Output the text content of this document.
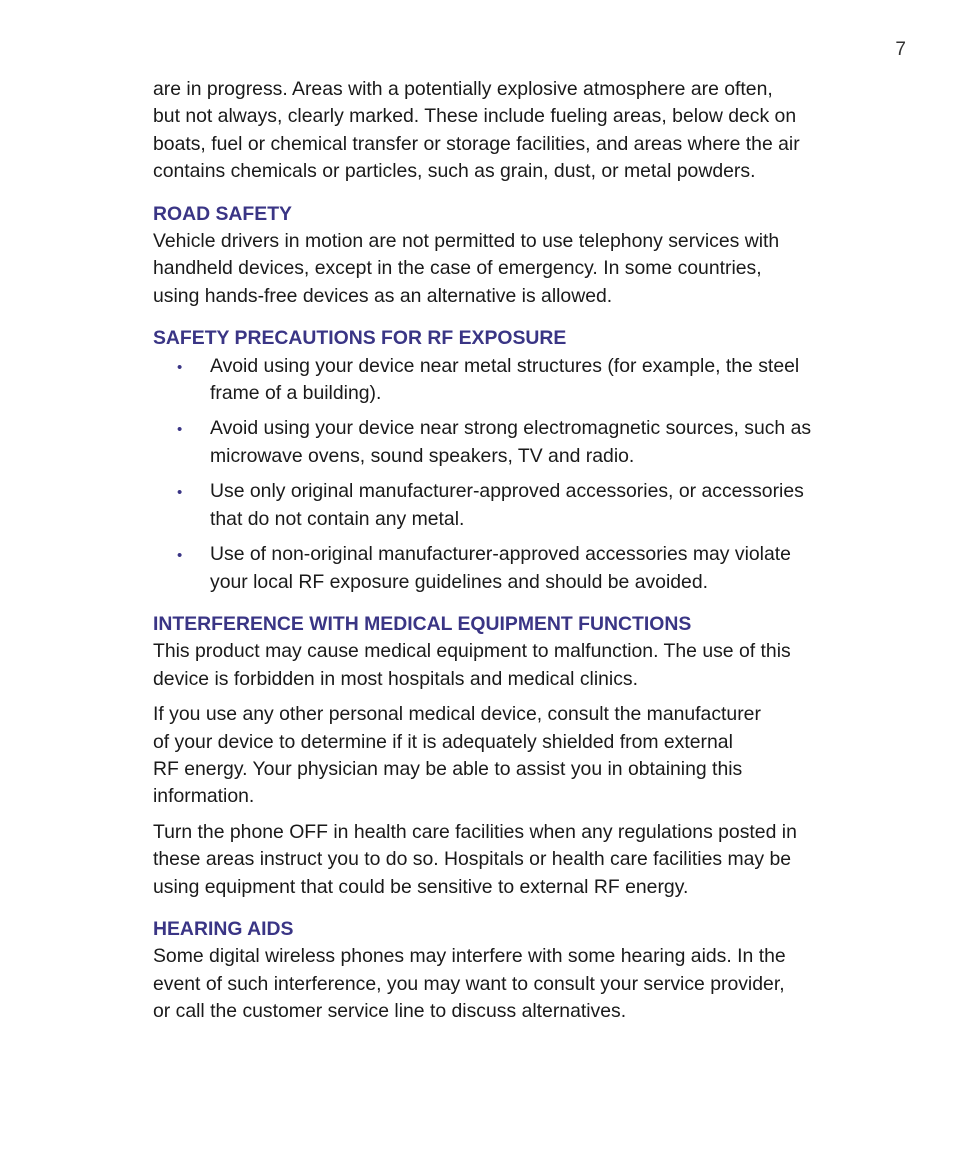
7

are in progress. Areas with a potentially explosive atmosphere are often,
but not always, clearly marked. These include fueling areas, below deck on
boats, fuel or chemical transfer or storage facilities, and areas where the air
contains chemicals or particles, such as grain, dust, or metal powders.

ROAD SAFETY

Vehicle drivers in motion are not permitted to use telephony services with
handheld devices, except in the case of emergency. In some countries,
using hands-free devices as an alternative is allowed.

SAFETY PRECAUTIONS FOR RF EXPOSURE
• Avoid using your device near metal structures (for example, the steel
frame of a building).
• Avoid using your device near strong electromagnetic sources, such as
microwave ovens, sound speakers, TV and radio.
• Use only original manufacturer-approved accessories, or accessories
that do not contain any metal.
• Use of non-original manufacturer-approved accessories may violate
your local RF exposure guidelines and should be avoided.
INTERFERENCE WITH MEDICAL EQUIPMENT FUNCTIONS

This product may cause medical equipment to malfunction. The use of this
device is forbidden in most hospitals and medical clinics.

If you use any other personal medical device, consult the manufacturer
of your device to determine if it is adequately shielded from external
RF energy. Your physician may be able to assist you in obtaining this
information.

Turn the phone OFF in health care facilities when any regulations posted in
these areas instruct you to do so. Hospitals or health care facilities may be
using equipment that could be sensitive to external RF energy.

HEARING AIDS

Some digital wireless phones may interfere with some hearing aids. In the
event of such interference, you may want to consult your service provider,
or call the customer service line to discuss alternatives.
